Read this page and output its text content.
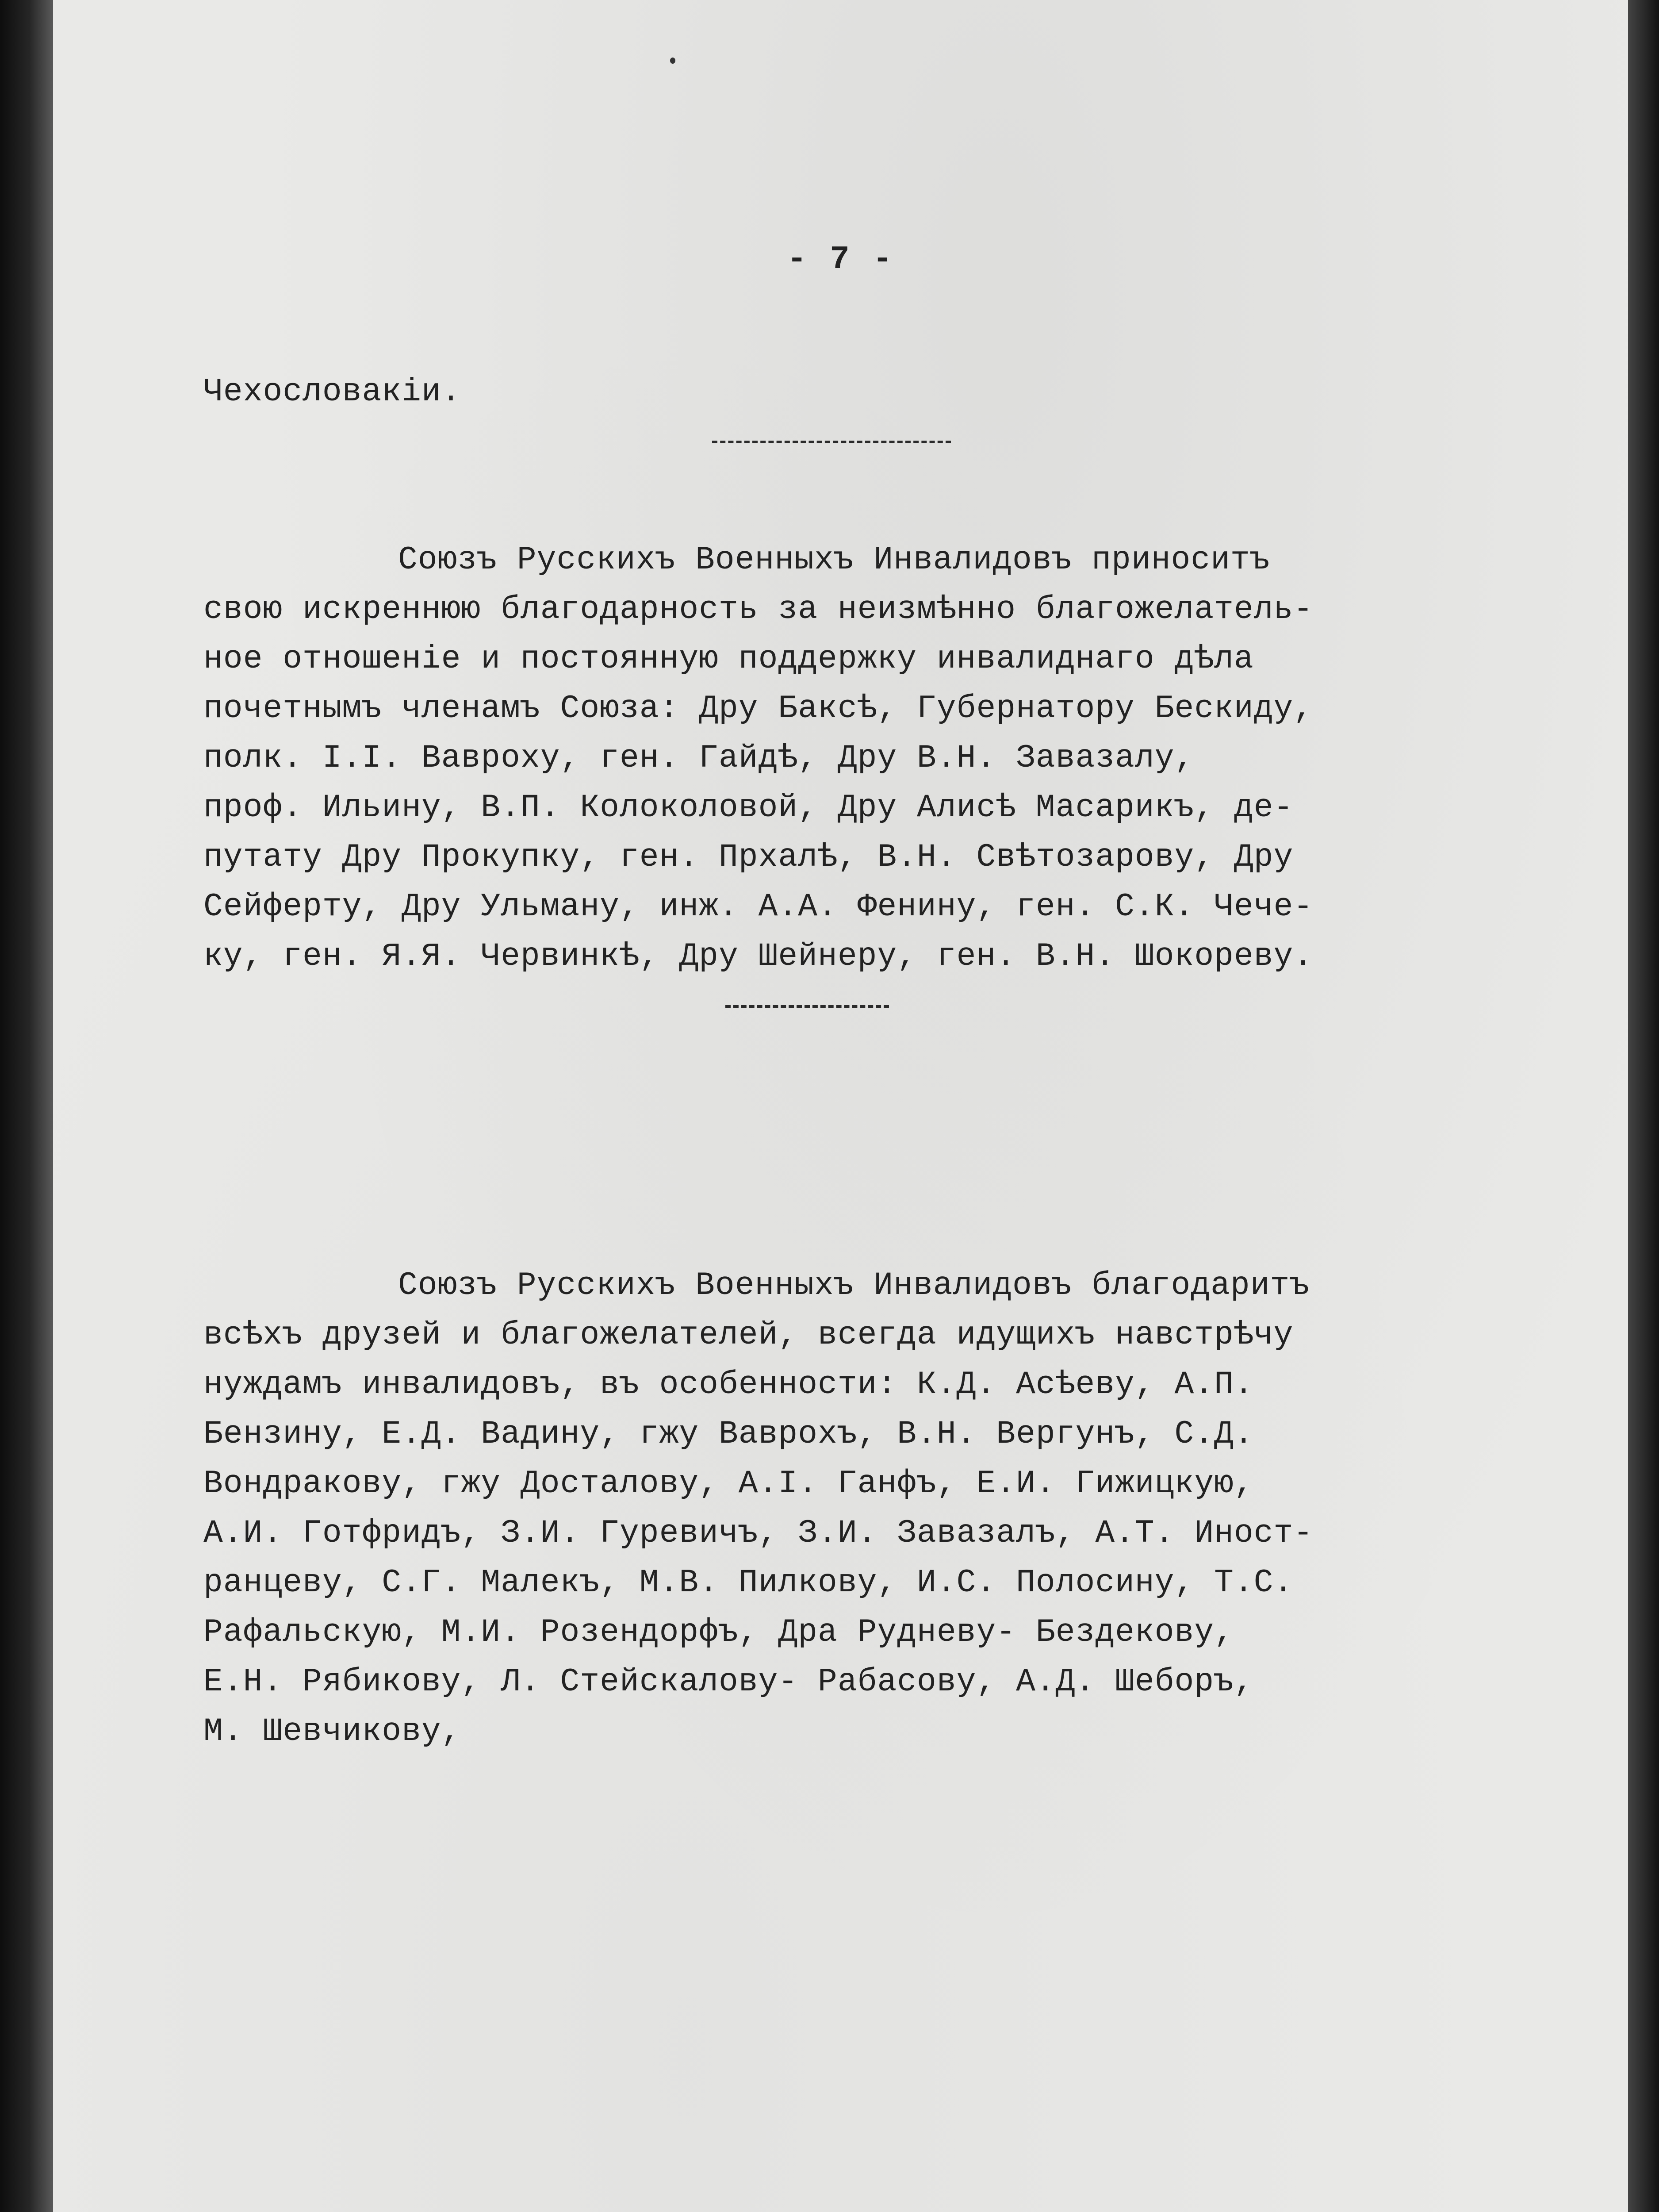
- 7 -
Чехословакіи.
Союзъ Русскихъ Военныхъ Инвалидовъ приноситъ
свою искреннюю благодарность за неизмѣнно благожелатель-
ное отношеніе и постоянную поддержку инвалиднаго дѣла
почетнымъ членамъ Союза: Дру Баксѣ, Губернатору Бескиду,
полк. І.І. Вавроху, ген. Гайдѣ, Дру В.Н. Завазалу,
проф. Ильину, В.П. Колоколовой, Дру Алисѣ Масарикъ, де-
путату Дру Прокупку, ген. Прхалѣ, В.Н. Свѣтозарову, Дру
Сейферту, Дру Ульману, инж. А.А. Фенину, ген. С.К. Чече-
ку, ген. Я.Я. Червинкѣ, Дру Шейнеру, ген. В.Н. Шокореву.
Союзъ Русскихъ Военныхъ Инвалидовъ благодаритъ
всѣхъ друзей и благожелателей, всегда идущихъ навстрѣчу
нуждамъ инвалидовъ, въ особенности: К.Д. Асѣеву, А.П.
Бензину, Е.Д. Вадину, гжу Ваврохъ, В.Н. Вергунъ, С.Д.
Вондракову, гжу Досталову, А.І. Ганфъ, Е.И. Гижицкую,
А.И. Готфридъ, З.И. Гуревичъ, З.И. Завазалъ, А.Т. Иност-
ранцеву, С.Г. Малекъ, М.В. Пилкову, И.С. Полосину, Т.С.
Рафальскую, М.И. Розендорфъ, Дра Рудневу- Бездекову,
Е.Н. Рябикову, Л. Стейскалову- Рабасову, А.Д. Шеборъ,
М. Шевчикову,
